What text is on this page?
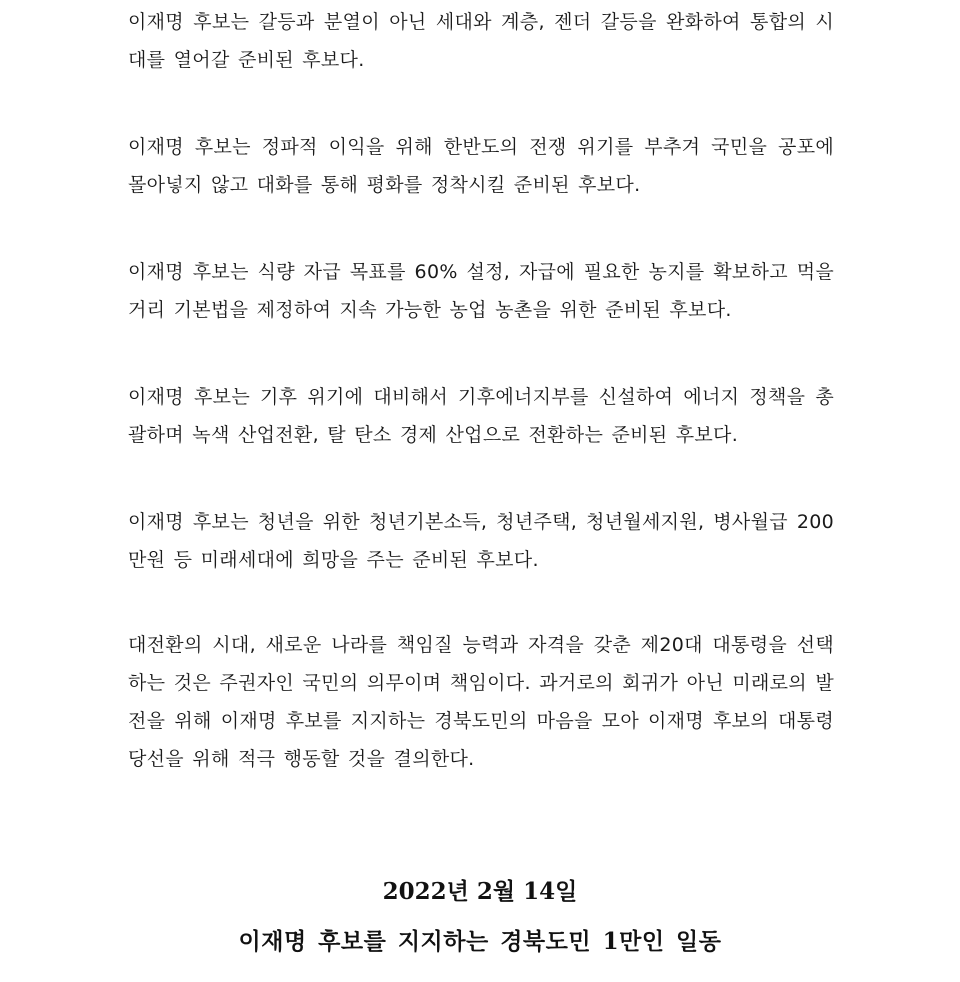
이재명 후보는 갈등과 분열이 아닌 세대와 계층, 젠더 갈등을 완화하여 통합의 시대를 열어갈 준비된 후보다.

이재명 후보는 정파적 이익을 위해 한반도의 전쟁 위기를 부추겨 국민을 공포에 몰아넣지 않고 대화를 통해 평화를 정착시킬 준비된 후보다.

이재명 후보는 식량 자급 목표를 60% 설정, 자급에 필요한 농지를 확보하고 먹을거리 기본법을 제정하여 지속 가능한 농업 농촌을 위한 준비된 후보다.

이재명 후보는 기후 위기에 대비해서 기후에너지부를 신설하여 에너지 정책을 총괄하며 녹색 산업전환, 탈 탄소 경제 산업으로 전환하는 준비된 후보다.

이재명 후보는 청년을 위한 청년기본소득, 청년주택, 청년월세지원, 병사월급 200만원 등 미래세대에 희망을 주는 준비된 후보다.

대전환의 시대, 새로운 나라를 책임질 능력과 자격을 갖춘 제20대 대통령을 선택하는 것은 주권자인 국민의 의무이며 책임이다. 과거로의 회귀가 아닌 미래로의 발전을 위해 이재명 후보를 지지하는 경북도민의 마음을 모아 이재명 후보의 대통령 당선을 위해 적극 행동할 것을 결의한다.

2022년 2월 14일
이재명 후보를 지지하는 경북도민 1만인 일동
